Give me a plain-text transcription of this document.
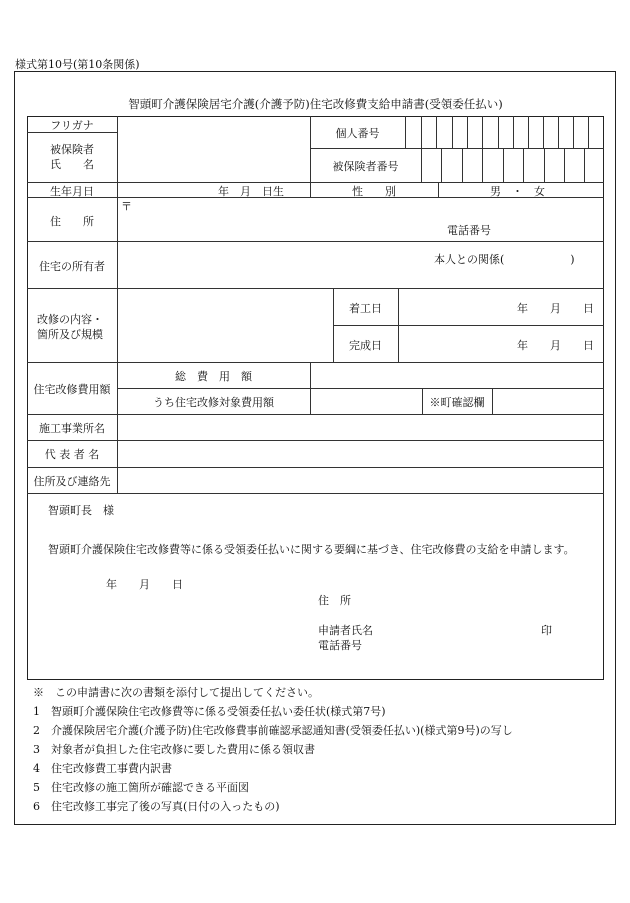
様式第10号(第10条関係)
智頭町介護保険居宅介護(介護予防)住宅改修費支給申請書(受領委任払い)
フリガナ
被保険者
氏　　名
個人番号
被保険者番号
生年月日	年　月　日生	性　　別	男　・　女
住　　所
〒
電話番号
住宅の所有者
本人との関係(　　　　　　)
改修の内容・
箇所及び規模
着工日	年　　月　　日
完成日	年　　月　　日
住宅改修費用額
総　費　用　額
うち住宅改修対象費用額	※町確認欄
施工事業所名
代 表 者 名
住所及び連絡先
智頭町長　様
智頭町介護保険住宅改修費等に係る受領委任払いに関する要綱に基づき、住宅改修費の支給を申請します。
年　　月　　日
住　所
申請者氏名	印
電話番号
※　この申請書に次の書類を添付して提出してください。
1　智頭町介護保険住宅改修費等に係る受領委任払い委任状(様式第7号)
2　介護保険居宅介護(介護予防)住宅改修費事前確認承認通知書(受領委任払い)(様式第9号)の写し
3　対象者が負担した住宅改修に要した費用に係る領収書
4　住宅改修費工事費内訳書
5　住宅改修の施工箇所が確認できる平面図
6　住宅改修工事完了後の写真(日付の入ったもの)
